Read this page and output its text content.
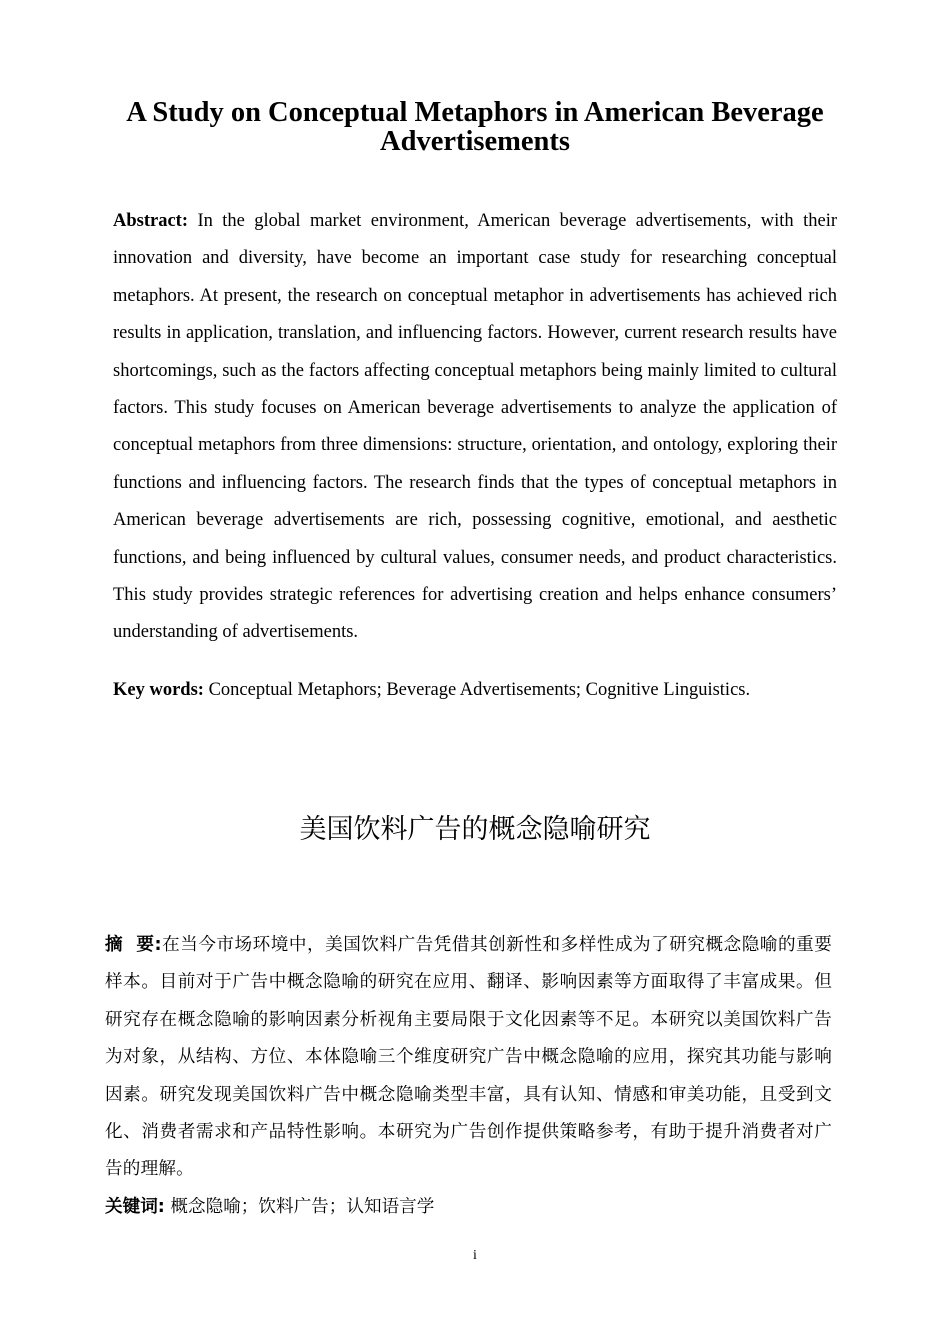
A Study on Conceptual Metaphors in American Beverage Advertisements

Abstract: In the global market environment, American beverage advertisements, with their innovation and diversity, have become an important case study for researching conceptual metaphors. At present, the research on conceptual metaphor in advertisements has achieved rich results in application, translation, and influencing factors. However, current research results have shortcomings, such as the factors affecting conceptual metaphors being mainly limited to cultural factors. This study focuses on American beverage advertisements to analyze the application of conceptual metaphors from three dimensions: structure, orientation, and ontology, exploring their functions and influencing factors. The research finds that the types of conceptual metaphors in American beverage advertisements are rich, possessing cognitive, emotional, and aesthetic functions, and being influenced by cultural values, consumer needs, and product characteristics. This study provides strategic references for advertising creation and helps enhance consumers’ understanding of advertisements.

Key words: Conceptual Metaphors; Beverage Advertisements; Cognitive Linguistics.

美国饮料广告的概念隐喻研究

摘  要:在当今市场环境中，美国饮料广告凭借其创新性和多样性成为了研究概念隐喻的重要样本。目前对于广告中概念隐喻的研究在应用、翻译、影响因素等方面取得了丰富成果。但研究存在概念隐喻的影响因素分析视角主要局限于文化因素等不足。本研究以美国饮料广告为对象，从结构、方位、本体隐喻三个维度研究广告中概念隐喻的应用，探究其功能与影响因素。研究发现美国饮料广告中概念隐喻类型丰富，具有认知、情感和审美功能，且受到文化、消费者需求和产品特性影响。本研究为广告创作提供策略参考，有助于提升消费者对广告的理解。

关键词: 概念隐喻；饮料广告；认知语言学

i
